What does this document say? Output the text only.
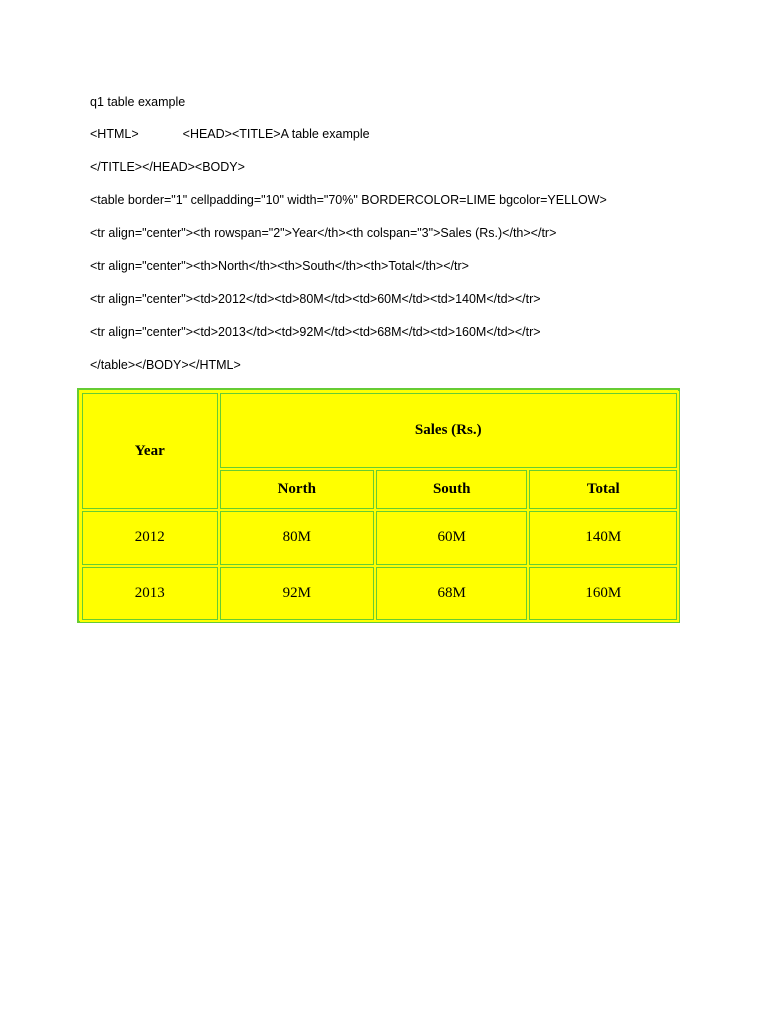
q1 table example

<HTML>	<HEAD><TITLE>A table example

</TITLE></HEAD><BODY>

<table border="1" cellpadding="10" width="70%" BORDERCOLOR=LIME bgcolor=YELLOW>

<tr align="center"><th rowspan="2">Year</th><th colspan="3">Sales (Rs.)</th></tr>

<tr align="center"><th>North</th><th>South</th><th>Total</th></tr>

<tr align="center"><td>2012</td><td>80M</td><td>60M</td><td>140M</td></tr>

<tr align="center"><td>2013</td><td>92M</td><td>68M</td><td>160M</td></tr>

</table></BODY></HTML>

Year	Sales (Rs.)		
	North	South	Total
2012	80M	60M	140M
2013	92M	68M	160M
